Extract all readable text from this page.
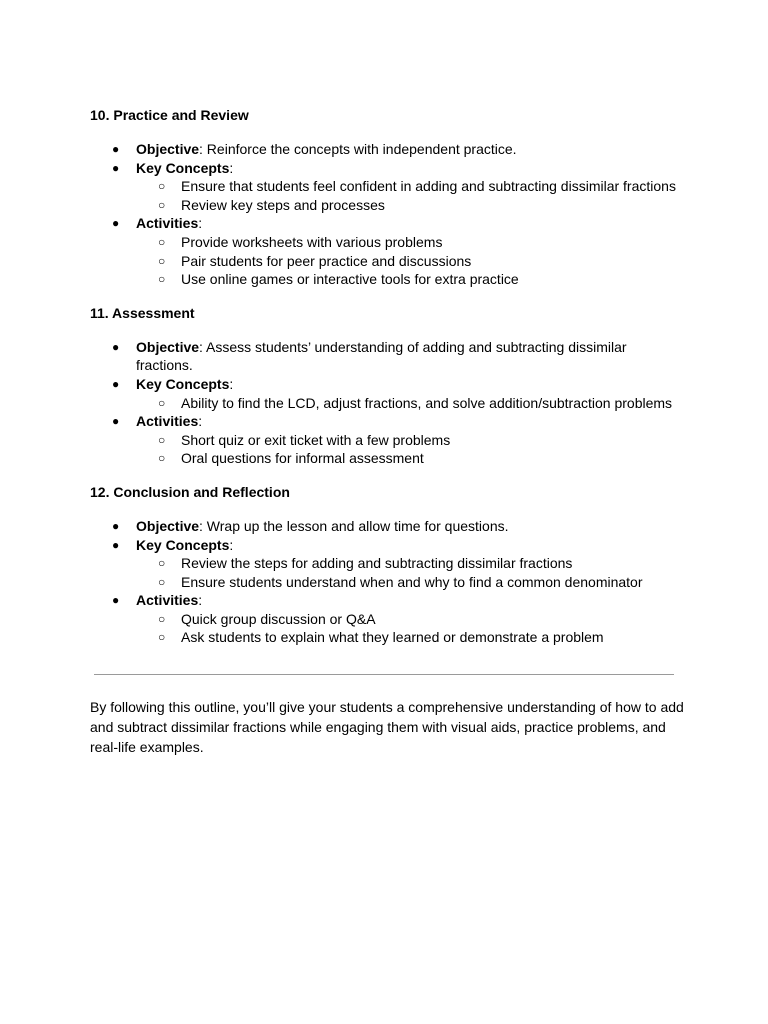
10. Practice and Review
● Objective: Reinforce the concepts with independent practice.
● Key Concepts:
○ Ensure that students feel confident in adding and subtracting dissimilar fractions
○ Review key steps and processes
● Activities:
○ Provide worksheets with various problems
○ Pair students for peer practice and discussions
○ Use online games or interactive tools for extra practice
11. Assessment
● Objective: Assess students’ understanding of adding and subtracting dissimilar fractions.
● Key Concepts:
○ Ability to find the LCD, adjust fractions, and solve addition/subtraction problems
● Activities:
○ Short quiz or exit ticket with a few problems
○ Oral questions for informal assessment
12. Conclusion and Reflection
● Objective: Wrap up the lesson and allow time for questions.
● Key Concepts:
○ Review the steps for adding and subtracting dissimilar fractions
○ Ensure students understand when and why to find a common denominator
● Activities:
○ Quick group discussion or Q&A
○ Ask students to explain what they learned or demonstrate a problem

By following this outline, you’ll give your students a comprehensive understanding of how to add and subtract dissimilar fractions while engaging them with visual aids, practice problems, and real-life examples.
